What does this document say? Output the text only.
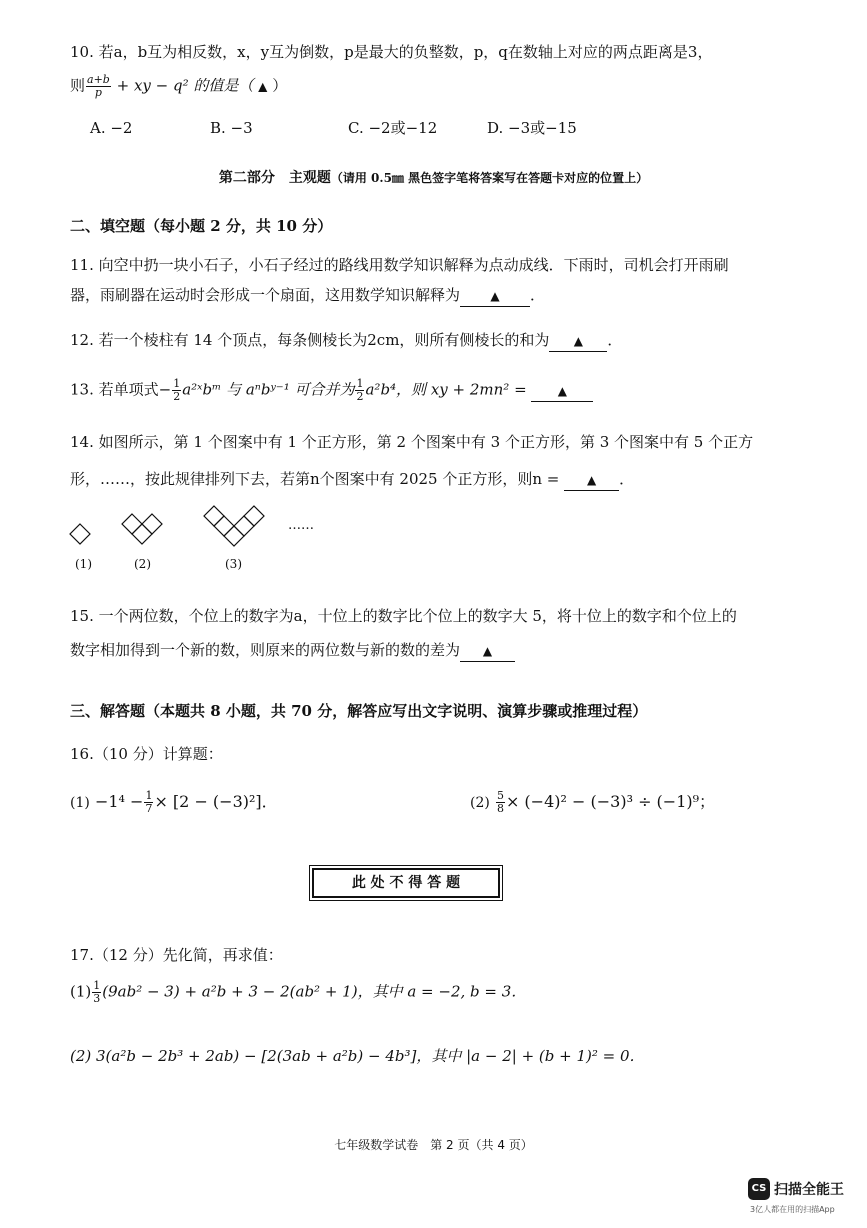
10. 若a，b互为相反数，x，y互为倒数，p是最大的负整数，p，q在数轴上对应的两点距离是3，
则 $\frac{a+b}{p}$ + xy − q² 的值是（ ▲ ）
A. −2	B. −3	C. −2或−12	D. −3或−15
第二部分　主观题（请用 0.5㎜ 黑色签字笔将答案写在答题卡对应的位置上）
二、填空题（每小题 2 分，共 10 分）
11. 向空中扔一块小石子，小石子经过的路线用数学知识解释为点动成线．下雨时，司机会打开雨刷
器，雨刷器在运动时会形成一个扇面，这用数学知识解释为	▲ ．
12. 若一个棱柱有 14 个顶点，每条侧棱长为2cm，则所有侧棱长的和为 ▲ ．
13. 若单项式− $\frac{1}{2}$ a²ˣbᵐ 与 aⁿbʸ⁻¹ 可合并为 $\frac{1}{2} a^2b^4$，则 xy + 2mn² =	▲
14. 如图所示，第 1 个图案中有 1 个正方形，第 2 个图案中有 3 个正方形，第 3 个图案中有 5 个正方
形，……，按此规律排列下去，若第n个图案中有 2025 个正方形，则n = ▲ ．
……
(1)	(2)	(3)
15. 一个两位数，个位上的数字为a，十位上的数字比个位上的数字大 5，将十位上的数字和个位上的
数字相加得到一个新的数，则原来的两位数与新的数的差为 ▲
三、解答题（本题共 8 小题，共 70 分，解答应写出文字说明、演算步骤或推理过程）
16.（10 分）计算题：
$(1) -1^4 - \frac{1}{7} \times [2 - (-3)^2]$．	$(2) \frac{5}{8} \times (-4)^2 - (-3)^3 \div (-1)^9$；
此 处 不 得 答 题
17.（12 分）先化简，再求值：
$(1) \frac{1}{3} (9ab^2 - 3) + a^2b + 3 - 2(ab^2 + 1)$，其中 a = −2, b = 3．
(2) 3(a²b − 2b³ + 2ab) − [2(3ab + a²b) − 4b³]，其中 |a − 2| + (b + 1)² = 0．
七年级数学试卷　第 2 页（共 4 页）
CS 扫描全能王
3亿人都在用的扫描App
